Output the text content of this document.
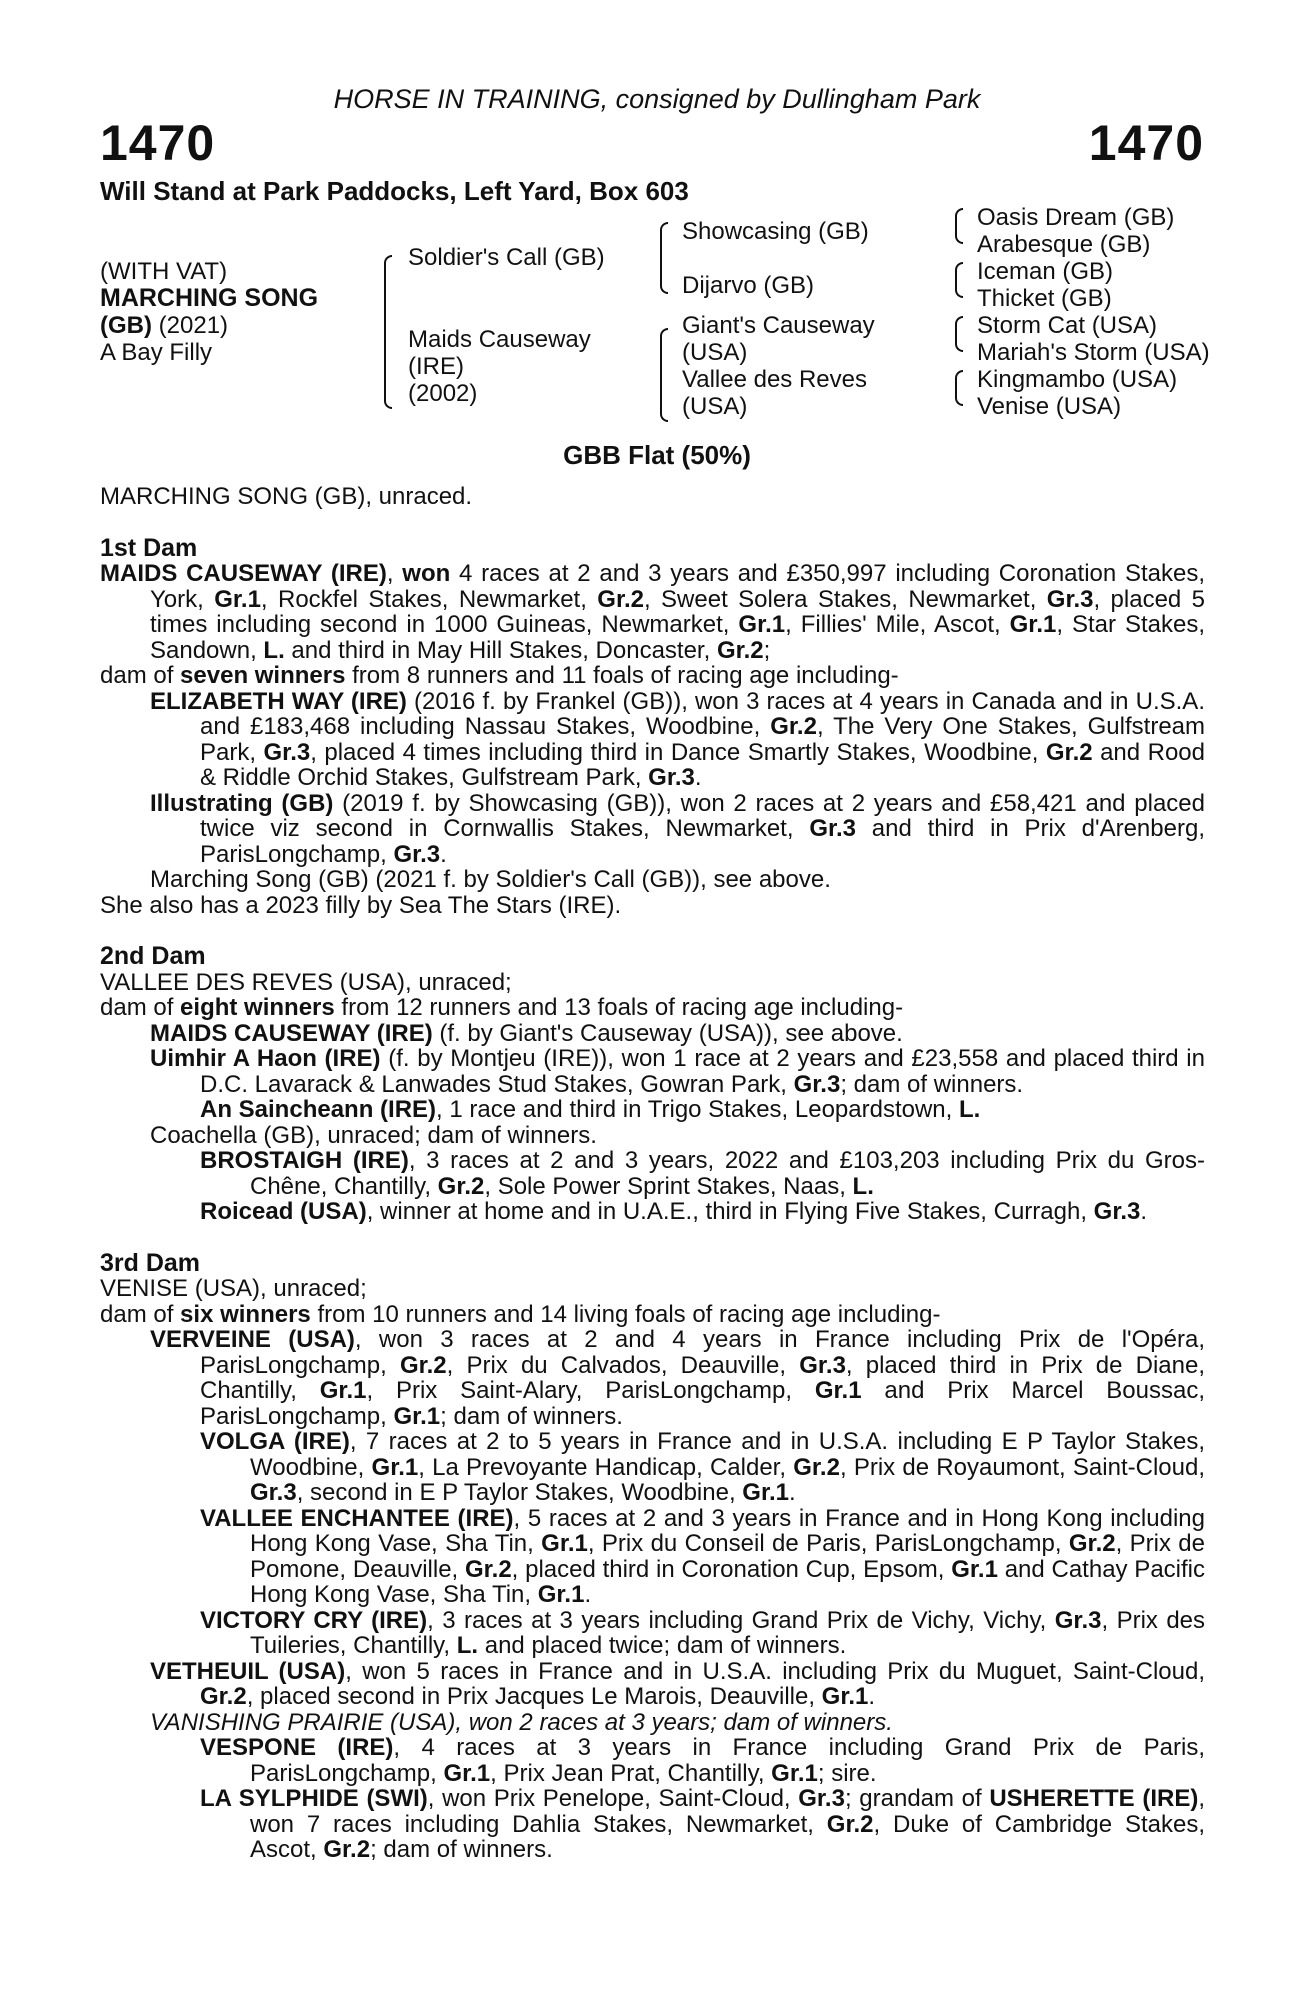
HORSE IN TRAINING, consigned by Dullingham Park
1470	1470
Will Stand at Park Paddocks, Left Yard, Box 603
(WITH VAT)
MARCHING SONG
(GB) (2021)
A Bay Filly
Soldier's Call (GB)
Maids Causeway
(IRE)
(2002)
Showcasing (GB)
Dijarvo (GB)
Giant's Causeway
(USA)
Vallee des Reves
(USA)
Oasis Dream (GB)
Arabesque (GB)
Iceman (GB)
Thicket (GB)
Storm Cat (USA)
Mariah's Storm (USA)
Kingmambo (USA)
Venise (USA)
GBB Flat (50%)

MARCHING SONG (GB), unraced.

1st Dam

MAIDS CAUSEWAY (IRE), won 4 races at 2 and 3 years and £350,997 including Coronation Stakes, York, Gr.1, Rockfel Stakes, Newmarket, Gr.2, Sweet Solera Stakes, Newmarket, Gr.3, placed 5 times including second in 1000 Guineas, Newmarket, Gr.1, Fillies' Mile, Ascot, Gr.1, Star Stakes, Sandown, L. and third in May Hill Stakes, Doncaster, Gr.2;

dam of seven winners from 8 runners and 11 foals of racing age including-

ELIZABETH WAY (IRE) (2016 f. by Frankel (GB)), won 3 races at 4 years in Canada and in U.S.A. and £183,468 including Nassau Stakes, Woodbine, Gr.2, The Very One Stakes, Gulfstream Park, Gr.3, placed 4 times including third in Dance Smartly Stakes, Woodbine, Gr.2 and Rood & Riddle Orchid Stakes, Gulfstream Park, Gr.3.

Illustrating (GB) (2019 f. by Showcasing (GB)), won 2 races at 2 years and £58,421 and placed twice viz second in Cornwallis Stakes, Newmarket, Gr.3 and third in Prix d'Arenberg, ParisLongchamp, Gr.3.

Marching Song (GB) (2021 f. by Soldier's Call (GB)), see above.

She also has a 2023 filly by Sea The Stars (IRE).

2nd Dam

VALLEE DES REVES (USA), unraced;

dam of eight winners from 12 runners and 13 foals of racing age including-

MAIDS CAUSEWAY (IRE) (f. by Giant's Causeway (USA)), see above.

Uimhir A Haon (IRE) (f. by Montjeu (IRE)), won 1 race at 2 years and £23,558 and placed third in D.C. Lavarack & Lanwades Stud Stakes, Gowran Park, Gr.3; dam of winners.

An Saincheann (IRE), 1 race and third in Trigo Stakes, Leopardstown, L.

Coachella (GB), unraced; dam of winners.

BROSTAIGH (IRE), 3 races at 2 and 3 years, 2022 and £103,203 including Prix du Gros-Chêne, Chantilly, Gr.2, Sole Power Sprint Stakes, Naas, L.

Roicead (USA), winner at home and in U.A.E., third in Flying Five Stakes, Curragh, Gr.3.

3rd Dam

VENISE (USA), unraced;

dam of six winners from 10 runners and 14 living foals of racing age including-

VERVEINE (USA), won 3 races at 2 and 4 years in France including Prix de l'Opéra, ParisLongchamp, Gr.2, Prix du Calvados, Deauville, Gr.3, placed third in Prix de Diane, Chantilly, Gr.1, Prix Saint-Alary, ParisLongchamp, Gr.1 and Prix Marcel Boussac, ParisLongchamp, Gr.1; dam of winners.

VOLGA (IRE), 7 races at 2 to 5 years in France and in U.S.A. including E P Taylor Stakes, Woodbine, Gr.1, La Prevoyante Handicap, Calder, Gr.2, Prix de Royaumont, Saint-Cloud, Gr.3, second in E P Taylor Stakes, Woodbine, Gr.1.

VALLEE ENCHANTEE (IRE), 5 races at 2 and 3 years in France and in Hong Kong including Hong Kong Vase, Sha Tin, Gr.1, Prix du Conseil de Paris, ParisLongchamp, Gr.2, Prix de Pomone, Deauville, Gr.2, placed third in Coronation Cup, Epsom, Gr.1 and Cathay Pacific Hong Kong Vase, Sha Tin, Gr.1.

VICTORY CRY (IRE), 3 races at 3 years including Grand Prix de Vichy, Vichy, Gr.3, Prix des Tuileries, Chantilly, L. and placed twice; dam of winners.

VETHEUIL (USA), won 5 races in France and in U.S.A. including Prix du Muguet, Saint-Cloud, Gr.2, placed second in Prix Jacques Le Marois, Deauville, Gr.1.

VANISHING PRAIRIE (USA), won 2 races at 3 years; dam of winners.

VESPONE (IRE), 4 races at 3 years in France including Grand Prix de Paris, ParisLongchamp, Gr.1, Prix Jean Prat, Chantilly, Gr.1; sire.

LA SYLPHIDE (SWI), won Prix Penelope, Saint-Cloud, Gr.3; grandam of USHERETTE (IRE), won 7 races including Dahlia Stakes, Newmarket, Gr.2, Duke of Cambridge Stakes, Ascot, Gr.2; dam of winners.
